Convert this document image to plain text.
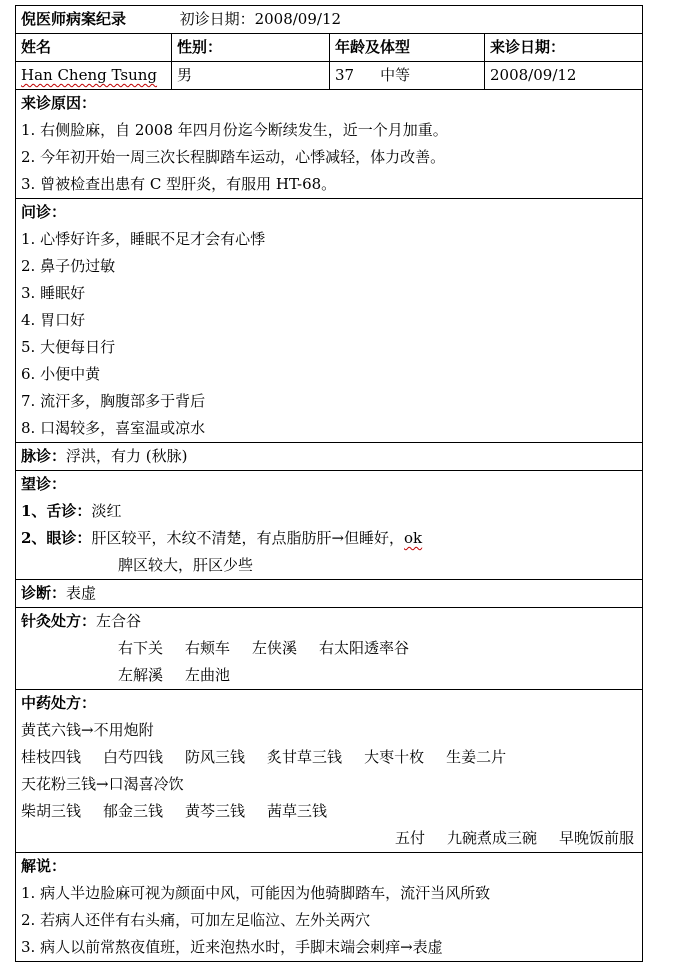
倪医师病案纪录	初诊日期：2008/09/12
姓名	性别：	年龄及体型	来诊日期：
Han Cheng Tsung	男	37 中等	2008/09/12
来诊原因：
1. 右侧脸麻，自 2008 年四月份迄今断续发生，近一个月加重。
2. 今年初开始一周三次长程脚踏车运动，心悸减轻，体力改善。
3. 曾被检查出患有 C 型肝炎，有服用 HT-68。
问诊：
1. 心悸好许多，睡眠不足才会有心悸
2. 鼻子仍过敏
3. 睡眠好
4. 胃口好
5. 大便每日行
6. 小便中黄
7. 流汗多，胸腹部多于背后
8. 口渴较多，喜室温或凉水
脉诊：浮洪，有力 (秋脉)
望诊：
1、舌诊：淡红
2、眼诊：肝区较平，木纹不清楚，有点脂肪肝→但睡好，ok
脾区较大，肝区少些
诊断：表虚
针灸处方：左合谷
右下关 右颊车 左侠溪 右太阳透率谷
左解溪 左曲池
中药处方：
黄芪六钱→不用炮附
桂枝四钱 白芍四钱 防风三钱 炙甘草三钱 大枣十枚 生姜二片
天花粉三钱→口渴喜冷饮
柴胡三钱 郁金三钱 黄芩三钱 茜草三钱
五付 九碗煮成三碗 早晚饭前服
解说：
1. 病人半边脸麻可视为颜面中风，可能因为他骑脚踏车，流汗当风所致
2. 若病人还伴有右头痛，可加左足临泣、左外关两穴
3. 病人以前常熬夜值班，近来泡热水时，手脚末端会刺痒→表虚
